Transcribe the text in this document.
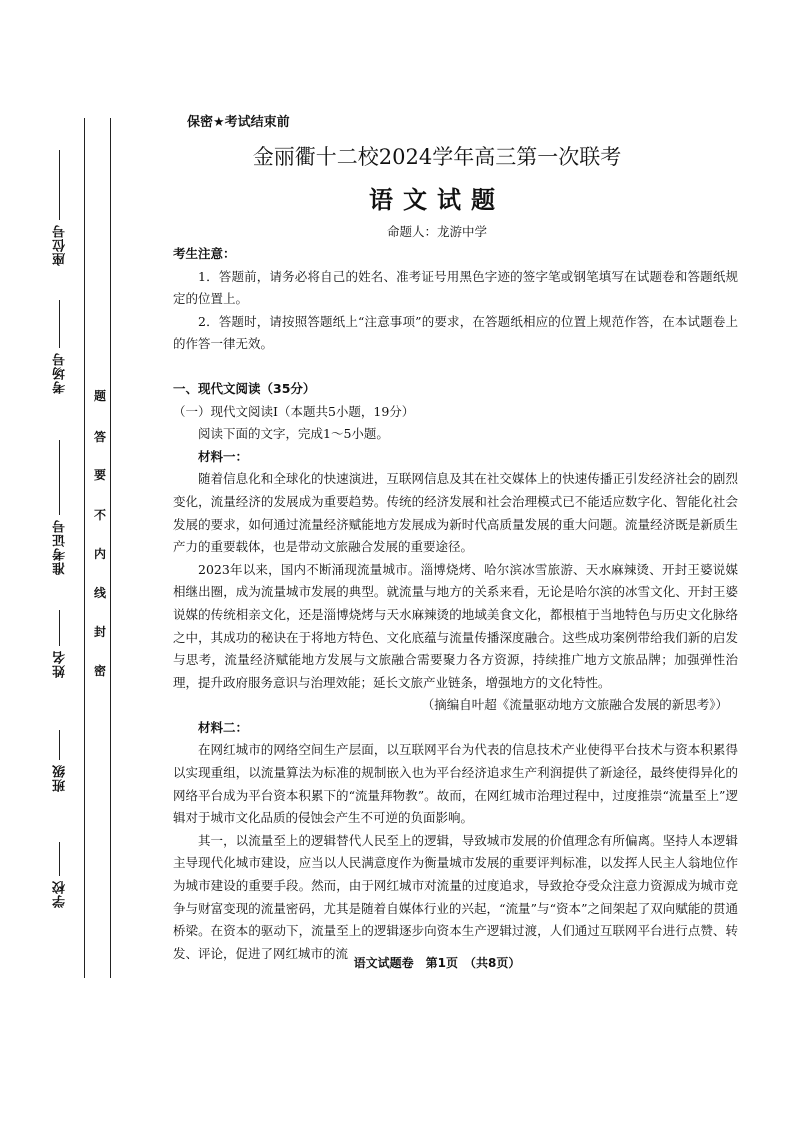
座位号
考场号
准考证号
姓名
班级
学校
题
答
要
不
内
线
封
密
保密★考试结束前
金丽衢十二校2024学年高三第一次联考
语文试题
命题人：龙游中学

考生注意：

1．答题前，请务必将自己的姓名、准考证号用黑色字迹的签字笔或钢笔填写在试题卷和答题纸规定的位置上。

2．答题时，请按照答题纸上“注意事项”的要求，在答题纸相应的位置上规范作答，在本试题卷上的作答一律无效。

一、现代文阅读（35分）

（一）现代文阅读Ⅰ（本题共5小题，19分）

阅读下面的文字，完成1～5小题。

材料一：

随着信息化和全球化的快速演进，互联网信息及其在社交媒体上的快速传播正引发经济社会的剧烈变化，流量经济的发展成为重要趋势。传统的经济发展和社会治理模式已不能适应数字化、智能化社会发展的要求，如何通过流量经济赋能地方发展成为新时代高质量发展的重大问题。流量经济既是新质生产力的重要载体，也是带动文旅融合发展的重要途径。

2023年以来，国内不断涌现流量城市。淄博烧烤、哈尔滨冰雪旅游、天水麻辣烫、开封王婆说媒相继出圈，成为流量城市发展的典型。就流量与地方的关系来看，无论是哈尔滨的冰雪文化、开封王婆说媒的传统相亲文化，还是淄博烧烤与天水麻辣烫的地域美食文化，都根植于当地特色与历史文化脉络之中，其成功的秘诀在于将地方特色、文化底蕴与流量传播深度融合。这些成功案例带给我们新的启发与思考，流量经济赋能地方发展与文旅融合需要聚力各方资源，持续推广地方文旅品牌；加强弹性治理，提升政府服务意识与治理效能；延长文旅产业链条，增强地方的文化特性。

（摘编自叶超《流量驱动地方文旅融合发展的新思考》）

材料二：

在网红城市的网络空间生产层面，以互联网平台为代表的信息技术产业使得平台技术与资本积累得以实现重组，以流量算法为标准的规制嵌入也为平台经济追求生产利润提供了新途径，最终使得异化的网络平台成为平台资本积累下的“流量拜物教”。故而，在网红城市治理过程中，过度推崇“流量至上”逻辑对于城市文化品质的侵蚀会产生不可逆的负面影响。

其一，以流量至上的逻辑替代人民至上的逻辑，导致城市发展的价值理念有所偏离。坚持人本逻辑主导现代化城市建设，应当以人民满意度作为衡量城市发展的重要评判标准，以发挥人民主人翁地位作为城市建设的重要手段。然而，由于网红城市对流量的过度追求，导致抢夺受众注意力资源成为城市竞争与财富变现的流量密码，尤其是随着自媒体行业的兴起，“流量”与“资本”之间架起了双向赋能的贯通桥梁。在资本的驱动下，流量至上的逻辑逐步向资本生产逻辑过渡，人们通过互联网平台进行点赞、转发、评论，促进了网红城市的流

语文试题卷　第1页　（共8页）
